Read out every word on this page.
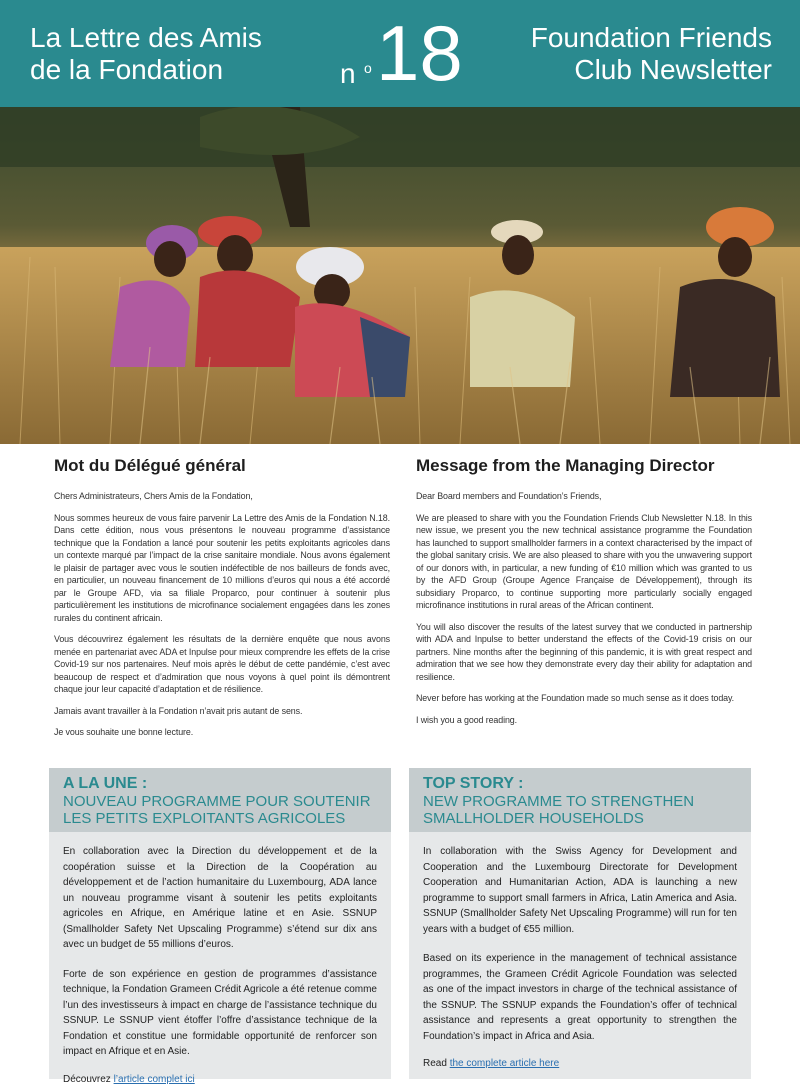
La Lettre des Amis
de la Fondation	n o 18 Foundation Friends
Club Newsletter
Mot du Délégué général

Chers Administrateurs, Chers Amis de la Fondation,

Nous sommes heureux de vous faire parvenir La Lettre des Amis de la Fondation N.18. Dans cette édition, nous vous présentons le nouveau programme d’assistance technique que la Fondation a lancé pour soutenir les petits exploitants agricoles dans un contexte marqué par l’impact de la crise sanitaire mondiale. Nous avons également le plaisir de partager avec vous le soutien indéfectible de nos bailleurs de fonds avec, en particulier, un nouveau financement de 10 millions d’euros qui nous a été accordé par le Groupe AFD, via sa filiale Proparco, pour continuer à soutenir plus particulièrement les institutions de microfinance socialement engagées dans les zones rurales du continent africain.

Vous découvrirez également les résultats de la dernière enquête que nous avons menée en partenariat avec ADA et Inpulse pour mieux comprendre les effets de la crise Covid-19 sur nos partenaires. Neuf mois après le début de cette pandémie, c’est avec beaucoup de respect et d’admiration que nous voyons à quel point ils démontrent chaque jour leur capacité d’adaptation et de résilience.

Jamais avant travailler à la Fondation n’avait pris autant de sens.

Je vous souhaite une bonne lecture.

Message from the Managing Director

Dear Board members and Foundation’s Friends,

We are pleased to share with you the Foundation Friends Club Newsletter N.18. In this new issue, we present you the new technical assistance programme the Foundation has launched to support smallholder farmers in a context characterised by the impact of the global sanitary crisis. We are also pleased to share with you the unwavering support of our donors with, in particular, a new funding of €10 million which was granted to us by the AFD Group (Groupe Agence Française de Développement), through its subsidiary Proparco, to continue supporting more particularly socially engaged microfinance institutions in rural areas of the African continent.

You will also discover the results of the latest survey that we conducted in partnership with ADA and Inpulse to better understand the effects of the Covid-19 crisis on our partners. Nine months after the beginning of this pandemic, it is with great respect and admiration that we see how they demonstrate every day their ability for adaptation and resilience.

Never before has working at the Foundation made so much sense as it does today.

I wish you a good reading.

A LA UNE :
NOUVEAU PROGRAMME POUR SOUTENIR
LES PETITS EXPLOITANTS AGRICOLES

En collaboration avec la Direction du développement et de la coopération suisse et la Direction de la Coopération au développement et de l’action humanitaire du Luxembourg, ADA lance un nouveau programme visant à soutenir les petits exploitants agricoles en Afrique, en Amérique latine et en Asie. SSNUP (Smallholder Safety Net Upscaling Programme) s’étend sur dix ans avec un budget de 55 millions d’euros.

Forte de son expérience en gestion de programmes d’assistance technique, la Fondation Grameen Crédit Agricole a été retenue comme l’un des investisseurs à impact en charge de l’assistance technique du SSNUP. Le SSNUP vient étoffer l’offre d’assistance technique de la Fondation et constitue une formidable opportunité de renforcer son impact en Afrique et en Asie.

Découvrez l’article complet ici
TOP STORY :
NEW PROGRAMME TO STRENGTHEN
SMALLHOLDER HOUSEHOLDS

In collaboration with the Swiss Agency for Development and Cooperation and the Luxembourg Directorate for Development Cooperation and Humanitarian Action, ADA is launching a new programme to support small farmers in Africa, Latin America and Asia. SSNUP (Smallholder Safety Net Upscaling Programme) will run for ten years with a budget of €55 million.

Based on its experience in the management of technical assistance programmes, the Grameen Crédit Agricole Foundation was selected as one of the impact investors in charge of the technical assistance of the SSNUP. The SSNUP expands the Foundation’s offer of technical assistance and represents a great opportunity to strengthen the Foundation’s impact in Africa and Asia.

Read the complete article here
